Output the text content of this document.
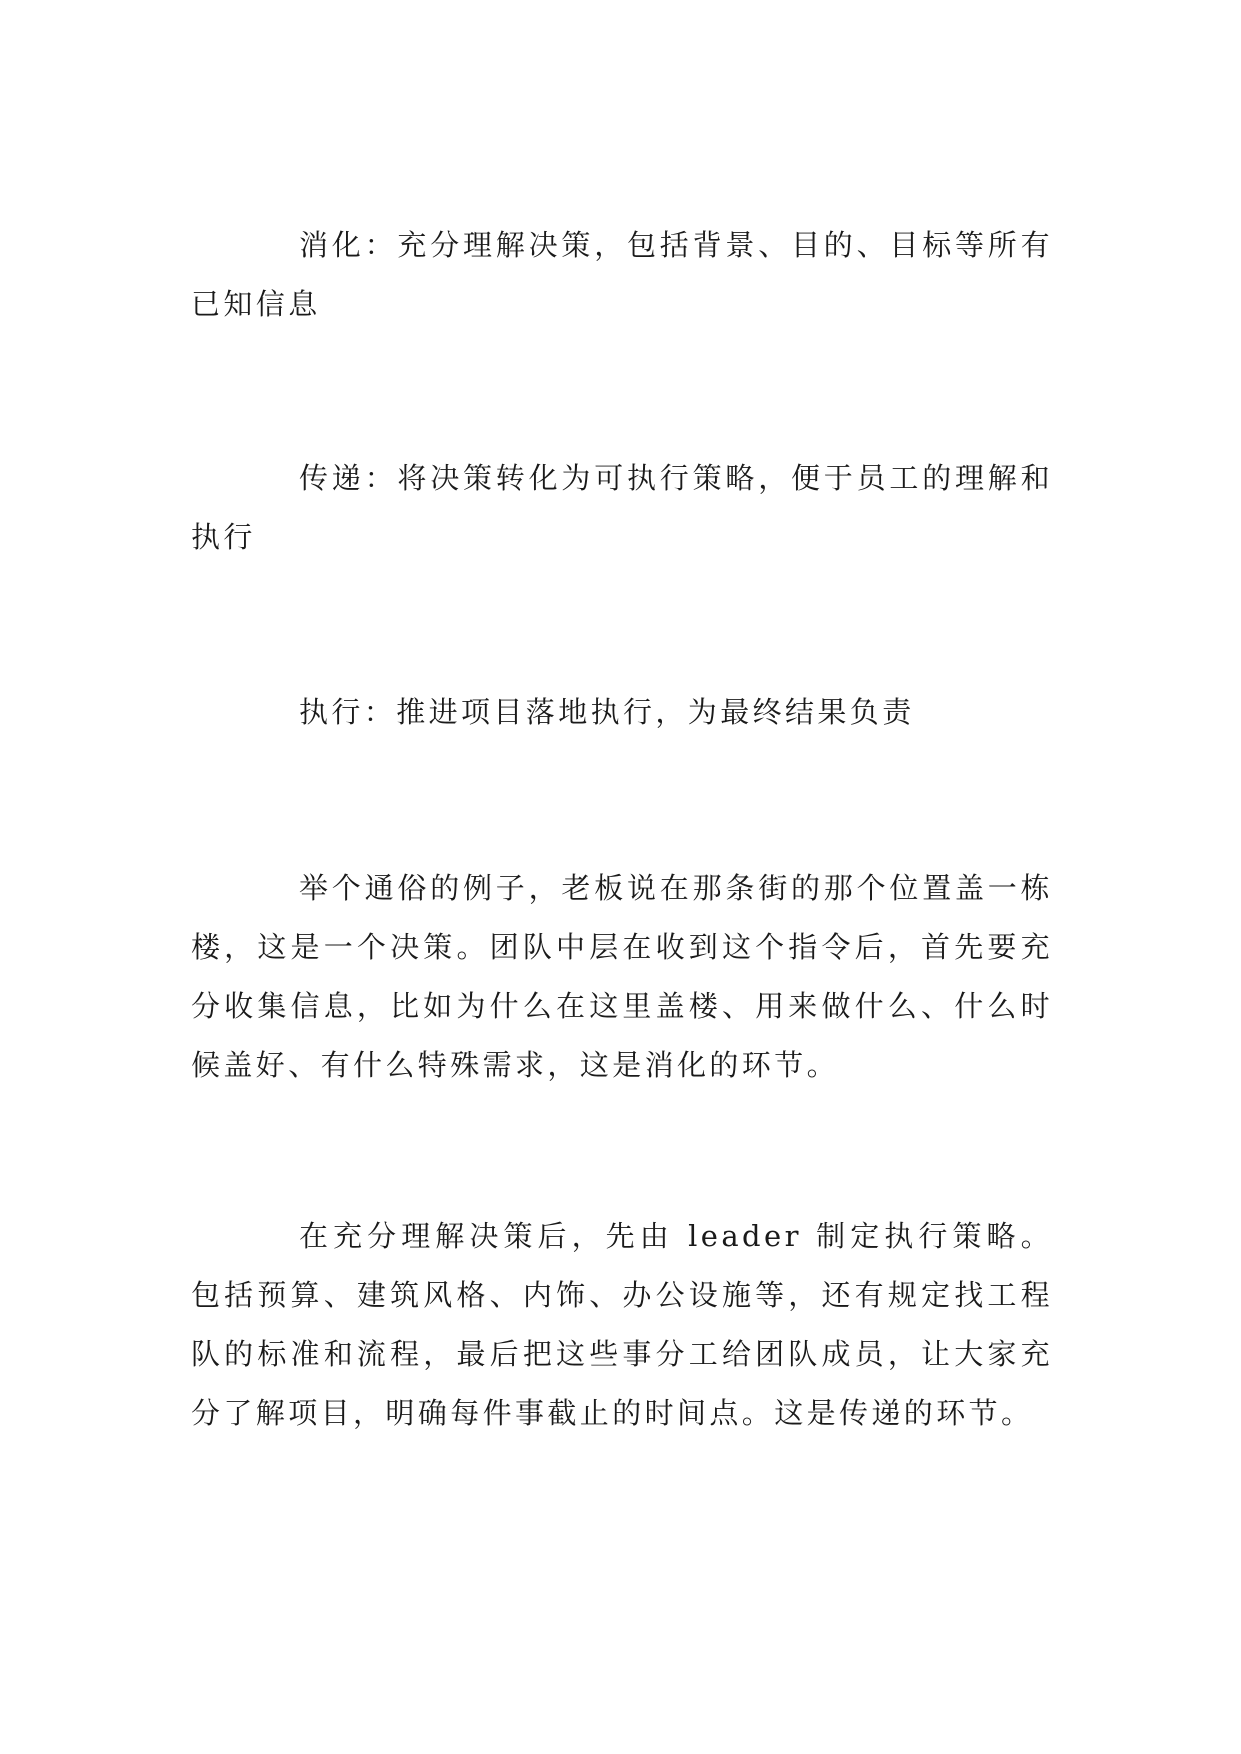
消化：充分理解决策，包括背景、目的、目标等所有已知信息

传递：将决策转化为可执行策略，便于员工的理解和执行

执行：推进项目落地执行，为最终结果负责

举个通俗的例子，老板说在那条街的那个位置盖一栋楼，这是一个决策。团队中层在收到这个指令后，首先要充分收集信息，比如为什么在这里盖楼、用来做什么、什么时候盖好、有什么特殊需求，这是消化的环节。

在充分理解决策后，先由 leader 制定执行策略。包括预算、建筑风格、内饰、办公设施等，还有规定找工程队的标准和流程，最后把这些事分工给团队成员，让大家充分了解项目，明确每件事截止的时间点。这是传递的环节。
